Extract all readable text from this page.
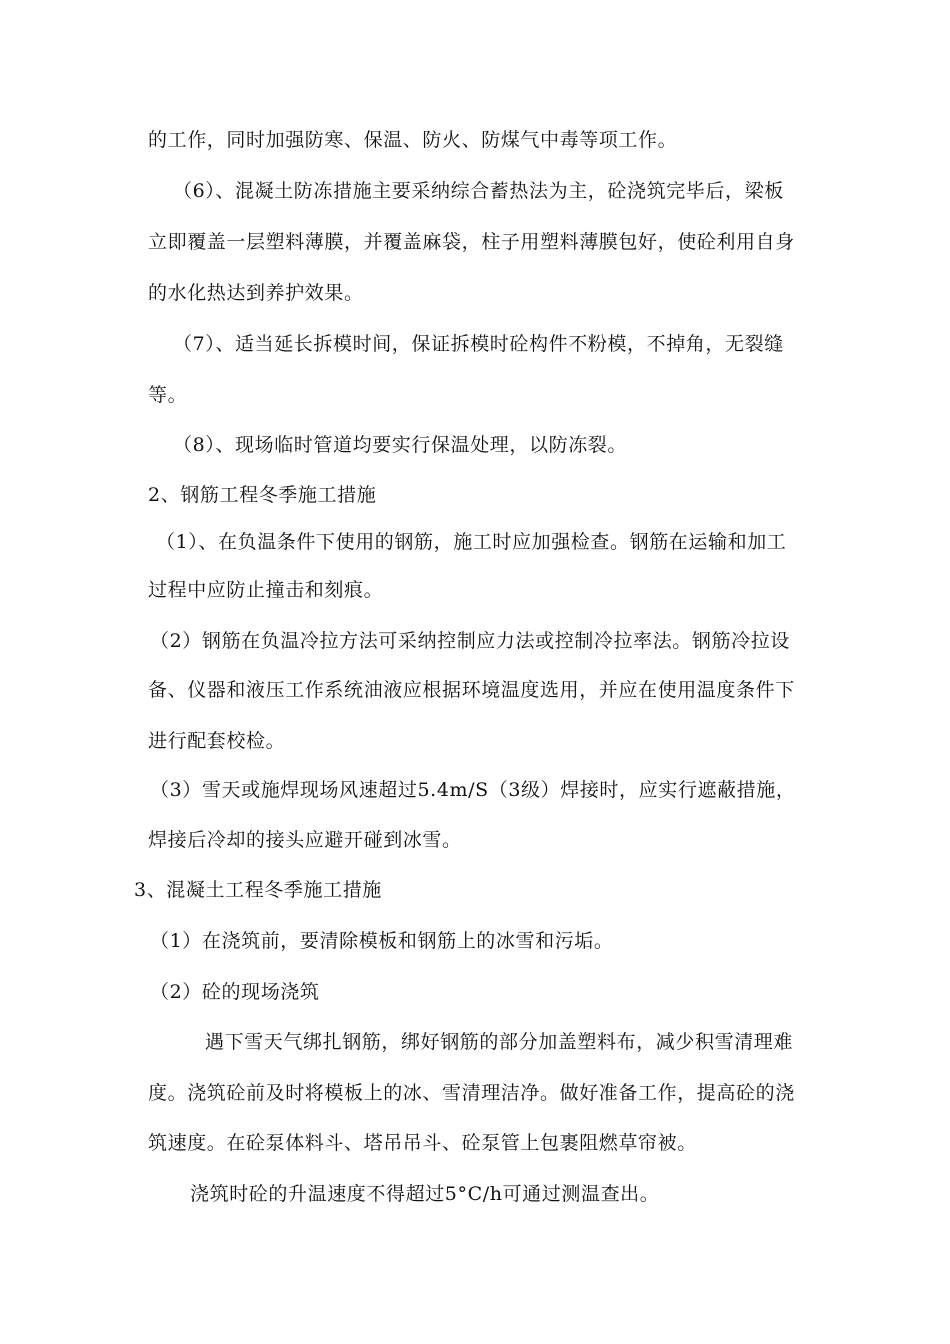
的工作，同时加强防寒、保温、防火、防煤气中毒等项工作。
（6）、混凝土防冻措施主要采纳综合蓄热法为主，砼浇筑完毕后，梁板
立即覆盖一层塑料薄膜，并覆盖麻袋，柱子用塑料薄膜包好，使砼利用自身
的水化热达到养护效果。
（7）、适当延长拆模时间，保证拆模时砼构件不粉模，不掉角，无裂缝
等。
（8）、现场临时管道均要实行保温处理，以防冻裂。
2、钢筋工程冬季施工措施
（1）、在负温条件下使用的钢筋，施工时应加强检查。钢筋在运输和加工
过程中应防止撞击和刻痕。
（2）钢筋在负温冷拉方法可采纳控制应力法或控制冷拉率法。钢筋冷拉设
备、仪器和液压工作系统油液应根据环境温度选用，并应在使用温度条件下
进行配套校检。
（3）雪天或施焊现场风速超过5.4m/S（3级）焊接时，应实行遮蔽措施，
焊接后冷却的接头应避开碰到冰雪。
3、混凝土工程冬季施工措施
（1）在浇筑前，要清除模板和钢筋上的冰雪和污垢。
（2）砼的现场浇筑
遇下雪天气绑扎钢筋，绑好钢筋的部分加盖塑料布，减少积雪清理难
度。浇筑砼前及时将模板上的冰、雪清理洁净。做好准备工作，提高砼的浇
筑速度。在砼泵体料斗、塔吊吊斗、砼泵管上包裹阻燃草帘被。
浇筑时砼的升温速度不得超过5°C/h可通过测温查出。
